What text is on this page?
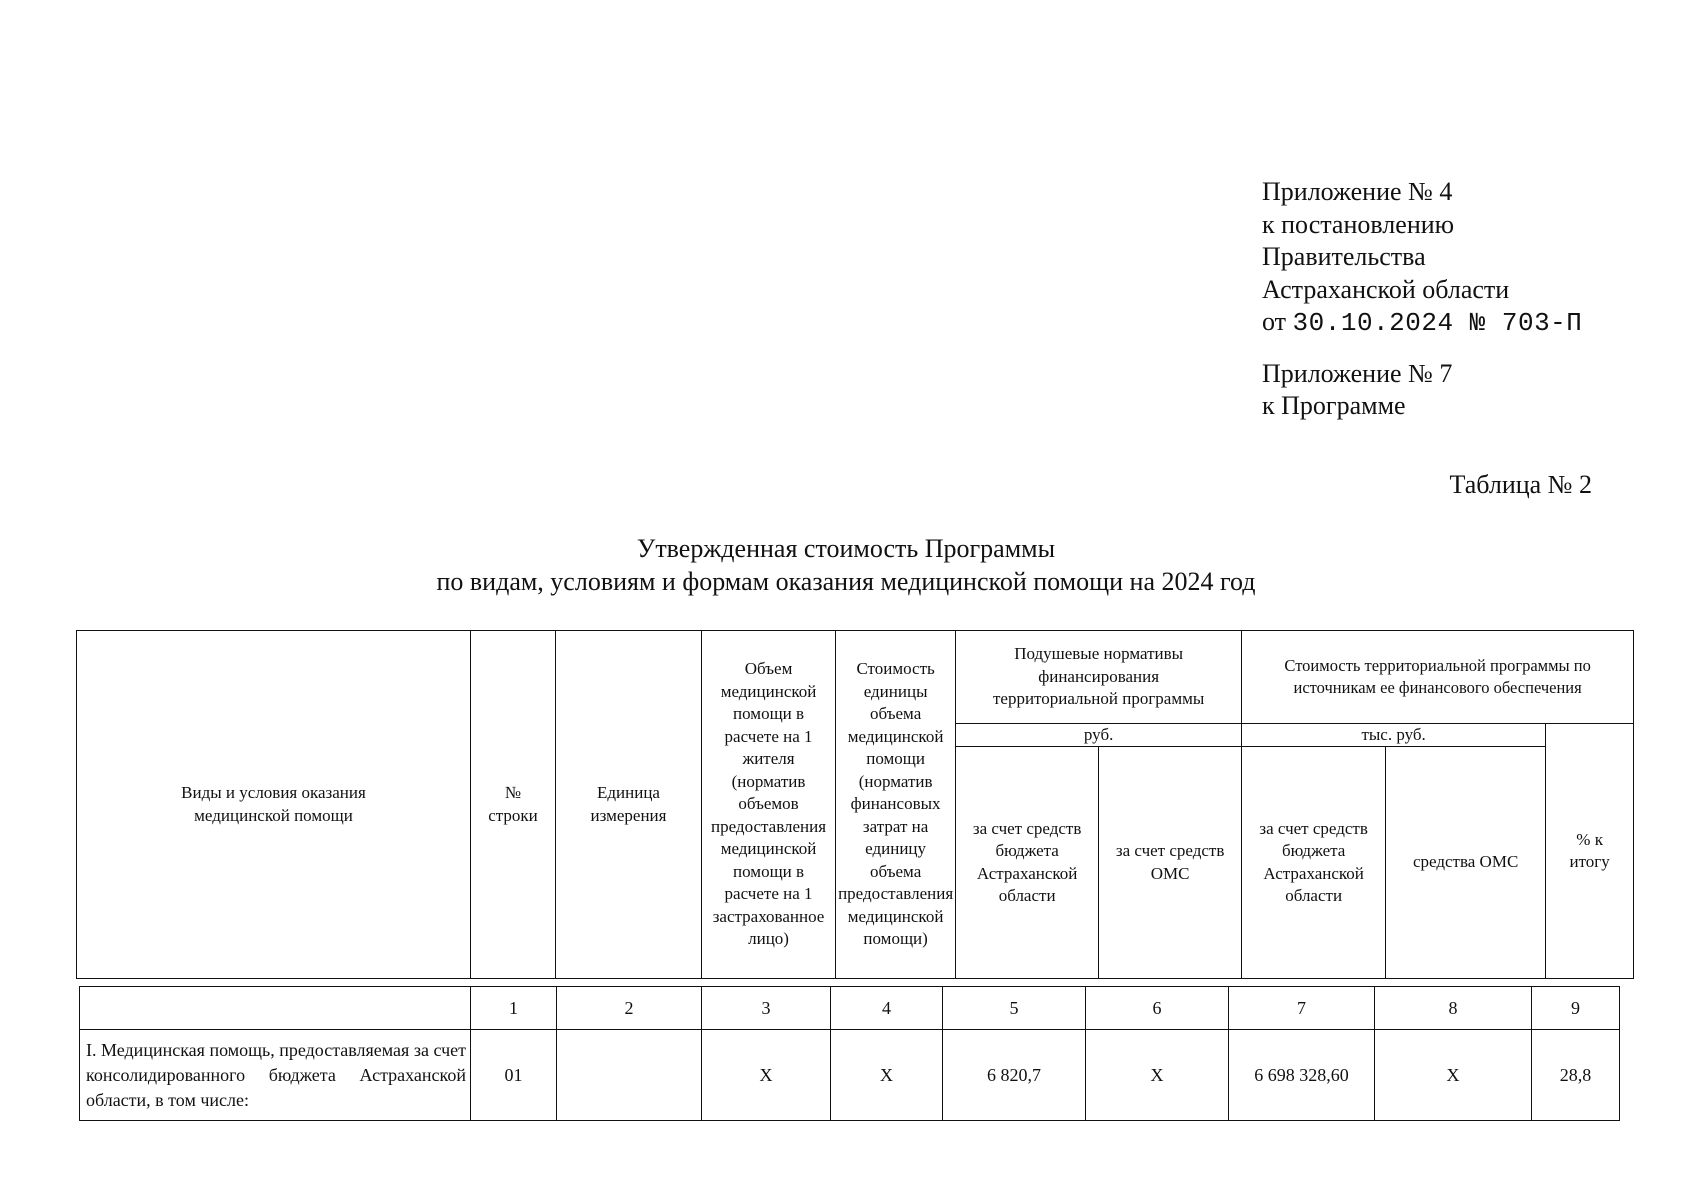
Приложение № 4
к постановлению
Правительства
Астраханской области
от 30.10.2024 № 703-П
Приложение № 7
к Программе
Таблица № 2
Утвержденная стоимость Программы
по видам, условиям и формам оказания медицинской помощи на 2024 год
Виды и условия оказания медицинской помощи	№ строки	Единица измерения	Объем медицинской помощи в расчете на 1 жителя (норматив объемов предоставления медицинской помощи в расчете на 1 застрахованное лицо)	Стоимость единицы объема медицинской помощи (норматив финансовых затрат на единицу объема предоставления медицинской помощи)	Подушевые нормативы финансирования территориальной программы		Стоимость территориальной программы по источникам ее финансового обеспечения		
					руб.		тыс. руб.		% к итогу
					за счет средств бюджета Астраханской области	за счет средств ОМС	за счет средств бюджета Астраханской области	средства ОМС	
	1	2	3	4	5	6	7	8	9
I. Медицинская помощь, предоставляемая за счет консолидированного бюджета Астраханской области, в том числе:	01		Х	Х	6 820,7	Х	6 698 328,60	Х	28,8
